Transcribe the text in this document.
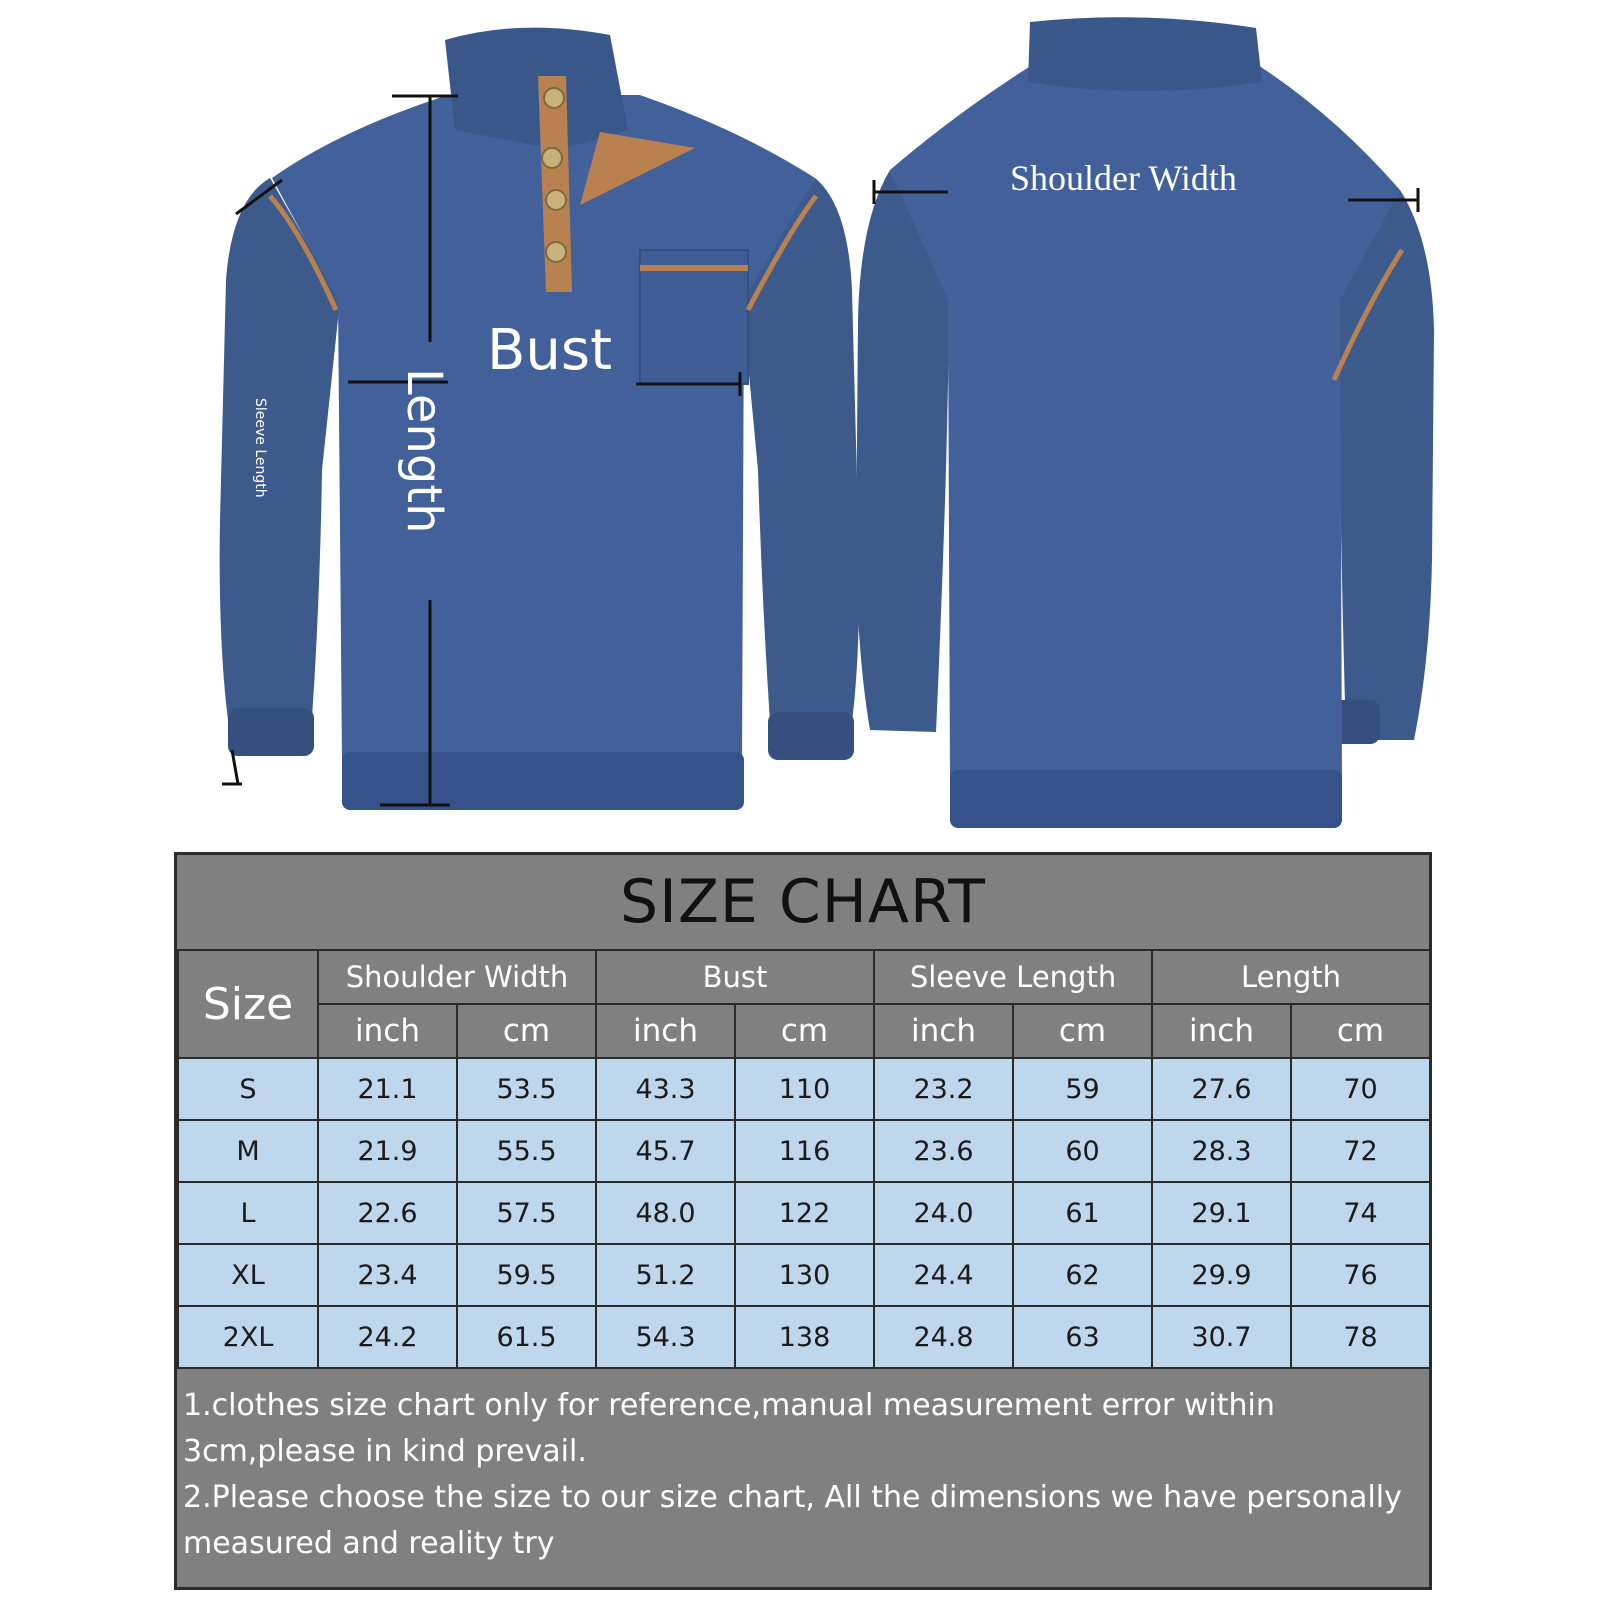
Bust
Length
Sleeve Length
Shoulder Width
SIZE CHART
Size	Shoulder Width		Bust		Sleeve Length		Length	
	inch	cm	inch	cm	inch	cm	inch	cm
S	21.1	53.5	43.3	110	23.2	59	27.6	70
M	21.9	55.5	45.7	116	23.6	60	28.3	72
L	22.6	57.5	48.0	122	24.0	61	29.1	74
XL	23.4	59.5	51.2	130	24.4	62	29.9	76
2XL	24.2	61.5	54.3	138	24.8	63	30.7	78

1.clothes size chart only for reference,manual measurement error within 3cm,please in kind prevail.

2.Please choose the size to our size chart, All the dimensions we have personally measured and reality try
